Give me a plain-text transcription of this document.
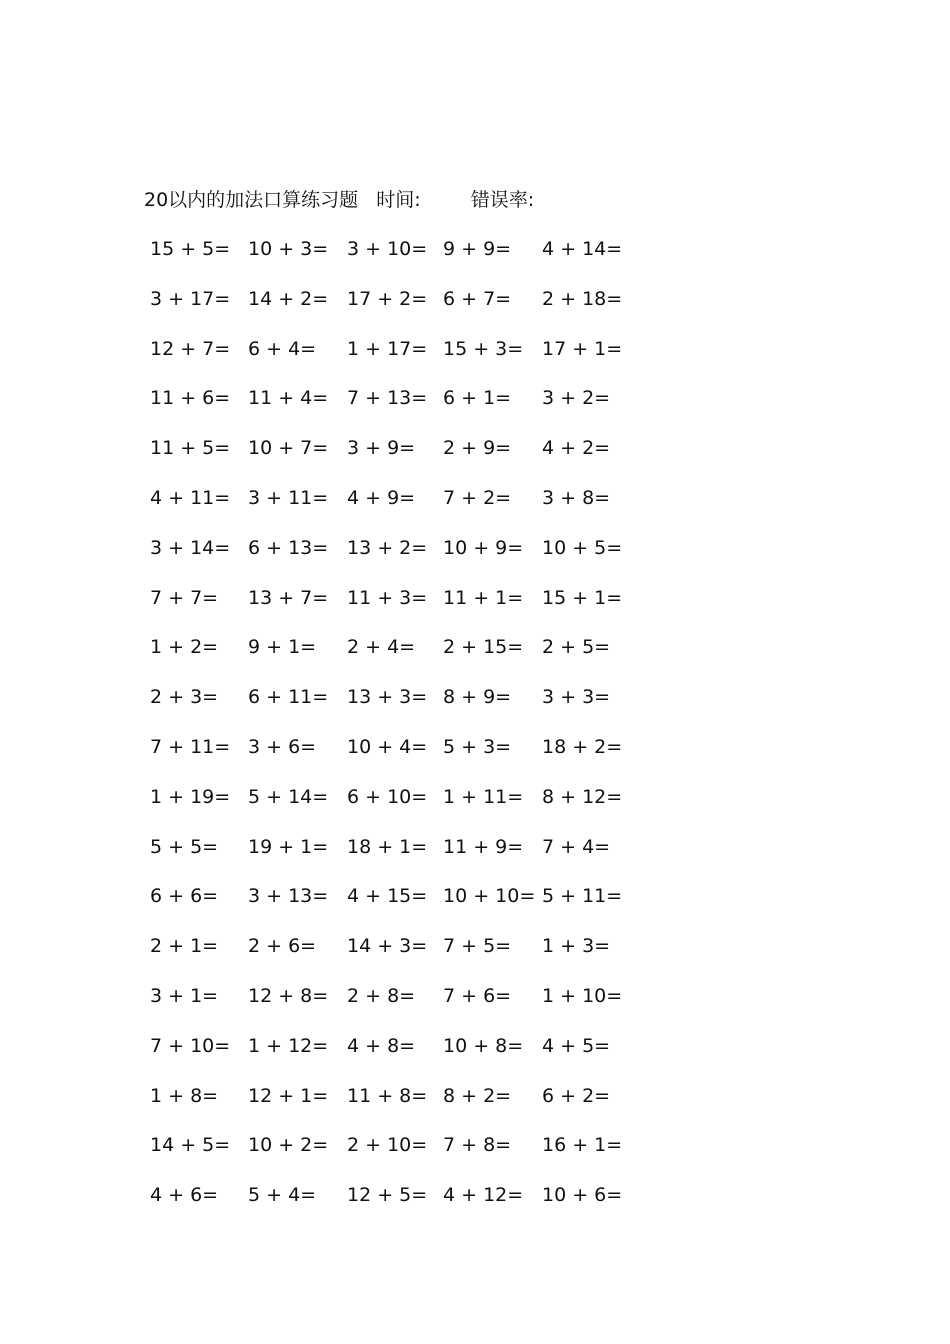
20以内的加法口算练习题 时间:	错误率:
15 + 5= 10 + 3= 3 + 10= 9 + 9= 4 + 14=
3 + 17= 14 + 2= 17 + 2= 6 + 7= 2 + 18=
12 + 7= 6 + 4= 1 + 17= 15 + 3= 17 + 1=
11 + 6= 11 + 4= 7 + 13= 6 + 1= 3 + 2=
11 + 5= 10 + 7= 3 + 9= 2 + 9= 4 + 2=
4 + 11= 3 + 11= 4 + 9= 7 + 2= 3 + 8=
3 + 14= 6 + 13= 13 + 2= 10 + 9= 10 + 5=
7 + 7= 13 + 7= 11 + 3= 11 + 1= 15 + 1=
1 + 2= 9 + 1= 2 + 4= 2 + 15= 2 + 5=
2 + 3= 6 + 11= 13 + 3= 8 + 9= 3 + 3=
7 + 11= 3 + 6= 10 + 4= 5 + 3= 18 + 2=
1 + 19= 5 + 14= 6 + 10= 1 + 11= 8 + 12=
5 + 5= 19 + 1= 18 + 1= 11 + 9= 7 + 4=
6 + 6= 3 + 13= 4 + 15= 10 + 10= 5 + 11=
2 + 1= 2 + 6= 14 + 3= 7 + 5= 1 + 3=
3 + 1= 12 + 8= 2 + 8= 7 + 6= 1 + 10=
7 + 10= 1 + 12= 4 + 8= 10 + 8= 4 + 5=
1 + 8= 12 + 1= 11 + 8= 8 + 2= 6 + 2=
14 + 5= 10 + 2= 2 + 10= 7 + 8= 16 + 1=
4 + 6= 5 + 4= 12 + 5= 4 + 12= 10 + 6=
